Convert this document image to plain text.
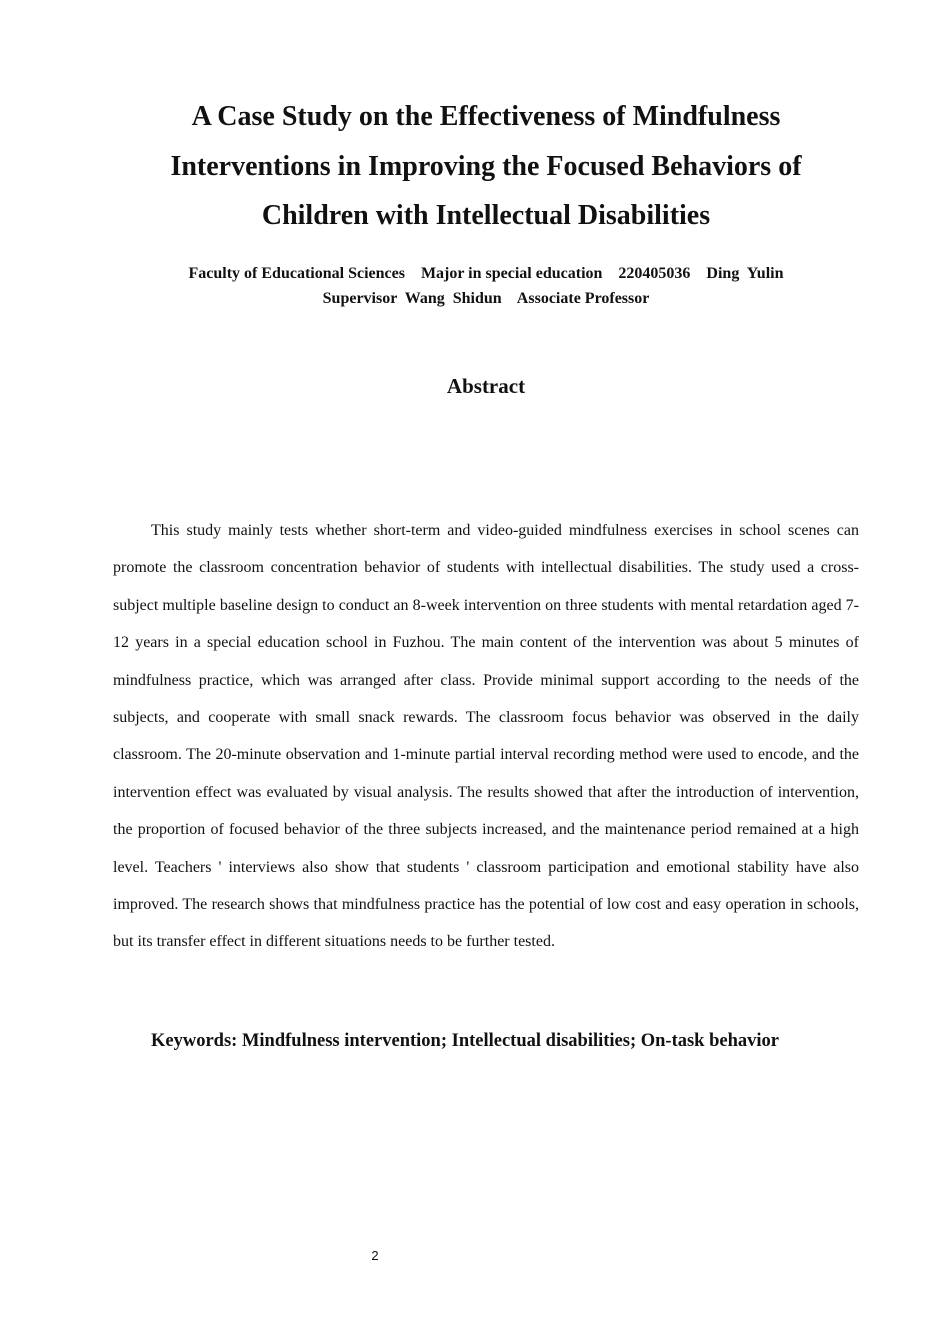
A Case Study on the Effectiveness of Mindfulness
Interventions in Improving the Focused Behaviors of
Children with Intellectual Disabilities

Faculty of Educational Sciences    Major in special education    220405036    Ding  Yulin

Supervisor  Wang  Shidun    Associate Professor

Abstract

This study mainly tests whether short-term and video-guided mindfulness exercises in school scenes can promote the classroom concentration behavior of students with intellectual disabilities. The study used a cross-subject multiple baseline design to conduct an 8-week intervention on three students with mental retardation aged 7-12 years in a special education school in Fuzhou. The main content of the intervention was about 5 minutes of mindfulness practice, which was arranged after class. Provide minimal support according to the needs of the subjects, and cooperate with small snack rewards. The classroom focus behavior was observed in the daily classroom. The 20-minute observation and 1-minute partial interval recording method were used to encode, and the intervention effect was evaluated by visual analysis. The results showed that after the introduction of intervention, the proportion of focused behavior of the three subjects increased, and the maintenance period remained at a high level. Teachers ' interviews also show that students ' classroom participation and emotional stability have also improved. The research shows that mindfulness practice has the potential of low cost and easy operation in schools, but its transfer effect in different situations needs to be further tested.

Keywords: Mindfulness intervention; Intellectual disabilities; On-task behavior

2
